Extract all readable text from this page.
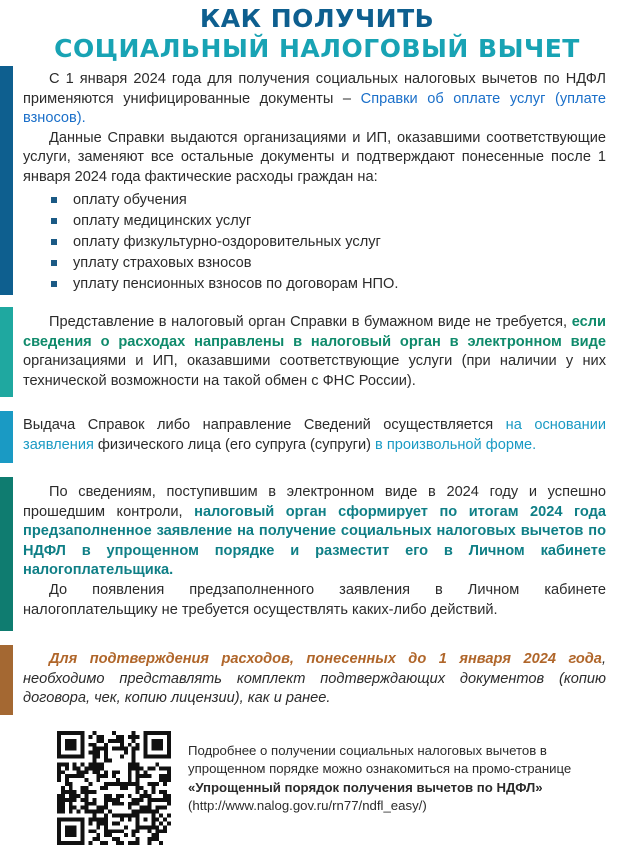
КАК ПОЛУЧИТЬ
СОЦИАЛЬНЫЙ НАЛОГОВЫЙ ВЫЧЕТ

С 1 января 2024 года для получения социальных налоговых вычетов по НДФЛ применяются унифицированные документы – Справки об оплате услуг (уплате взносов).

Данные Справки выдаются организациями и ИП, оказавшими соответствующие услуги, заменяют все остальные документы и подтверждают понесенные после 1 января 2024 года фактические расходы граждан на:

оплату обучения
оплату медицинских услуг
оплату физкультурно-оздоровительных услуг
уплату страховых взносов
уплату пенсионных взносов по договорам НПО.

Представление в налоговый орган Справки в бумажном виде не требуется, если сведения о расходах направлены в налоговый орган в электронном виде организациями и ИП, оказавшими соответствующие услуги (при наличии у них технической возможности на такой обмен с ФНС России).

Выдача Справок либо направление Сведений осуществляется на основании заявления физического лица (его супруга (супруги) в произвольной форме.

По сведениям, поступившим в электронном виде в 2024 году и успешно прошедшим контроли, налоговый орган сформирует по итогам 2024 года предзаполненное заявление на получение социальных налоговых вычетов по НДФЛ в упрощенном порядке и разместит его в Личном кабинете налогоплательщика.

До появления предзаполненного заявления в Личном кабинете налогоплательщику не требуется осуществлять каких-либо действий.

Для подтверждения расходов, понесенных до 1 января 2024 года, необходимо представлять комплект подтверждающих документов (копию договора, чек, копию лицензии), как и ранее.

Подробнее о получении социальных налоговых вычетов в упрощенном порядке можно ознакомиться на промо-странице
«Упрощенный порядок получения вычетов по НДФЛ»
(http://www.nalog.gov.ru/rn77/ndfl_easy/)
